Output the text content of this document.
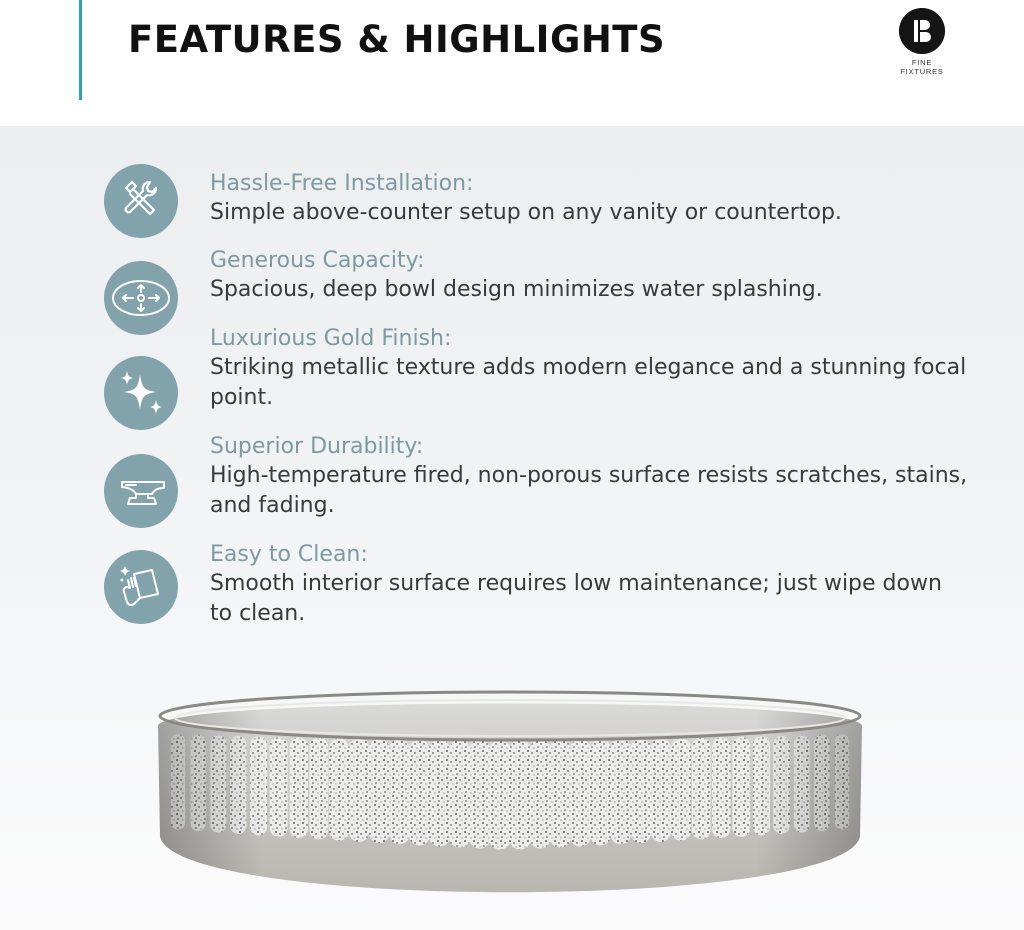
FEATURES & HIGHLIGHTS
FINE
FIXTURES
Hassle-Free Installation:
Simple above-counter setup on any vanity or countertop.
Generous Capacity:
Spacious, deep bowl design minimizes water splashing.
Luxurious Gold Finish:
Striking metallic texture adds modern elegance and a stunning focal point.
Superior Durability:
High-temperature fired, non-porous surface resists scratches, stains, and fading.
Easy to Clean:
Smooth interior surface requires low maintenance; just wipe down to clean.
